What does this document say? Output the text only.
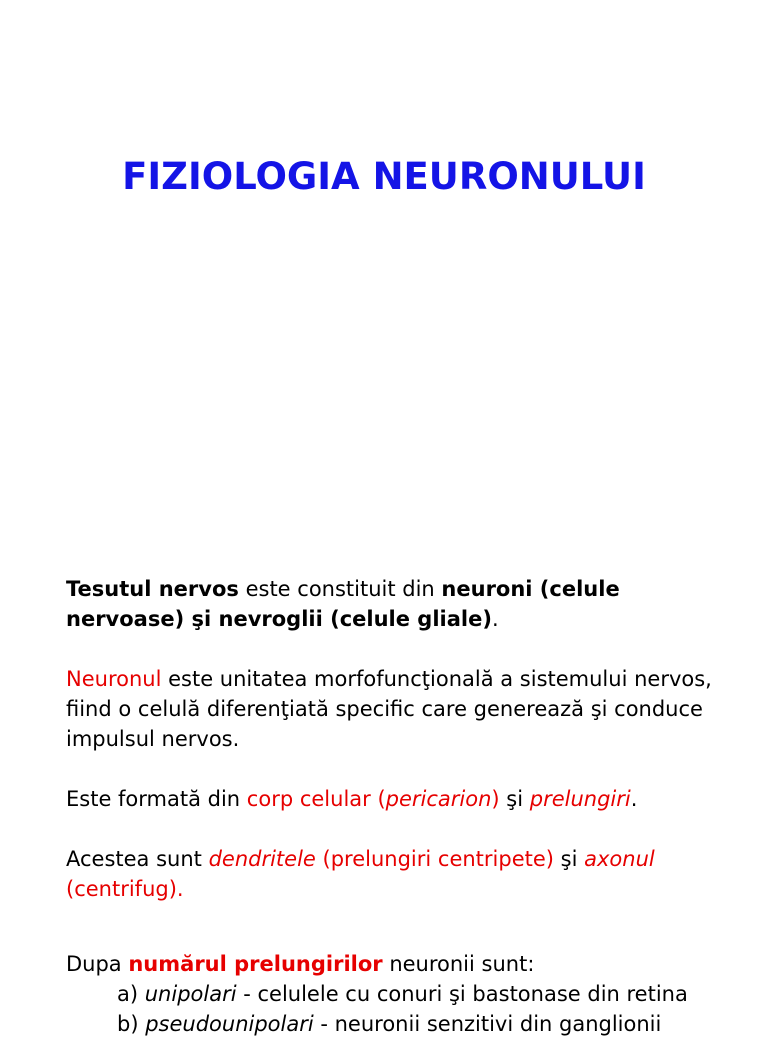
FIZIOLOGIA NEURONULUI

Tesutul nervos este constituit din neuroni (celule nervoase) şi nevroglii (celule gliale).

Neuronul este unitatea morfofuncţională a sistemului nervos, fiind o celulă diferenţiată specific care generează şi conduce impulsul nervos.

Este formată din corp celular (pericarion) şi prelungiri.

Acestea sunt dendritele (prelungiri centripete) şi axonul (centrifug).

Dupa numărul prelungirilor neuronii sunt:

a) unipolari - celulele cu conuri şi bastonase din retina
b) pseudounipolari - neuronii senzitivi din ganglionii
